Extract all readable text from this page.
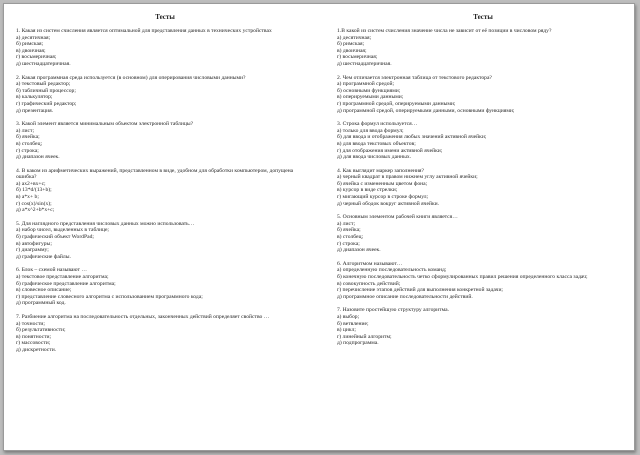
Тесты
1. Какая из систем счисления является оптимальной для представления данных в технических устройствах
а) десятичная;
б) римская;
в) двоичная;
г) восьмеричная;
д) шестнадцатеричная.
2. Какая программная среда используется (в основном) для оперирования числовыми данными?
а) текстовый редактор;
б) табличный процессор;
в) калькулятор;
г) графический редактор;
д) презентация.
3. Какой элемент является минимальным объектом электронной таблицы?
а) лист;
б) ячейка;
в) столбец;
г) строка;
д) диапазон ячеек.
4. В каком из арифметических выражений, представленном в виде, удобном для обработки компьютером, допущена ошибка?
а) ах2+вх+с;
б) 13*d/(13+b);
в) а*х+ b;
г) cos(x)/sin(x);
д) a*x^2+b*x+c;
5. Для наглядного представления числовых данных можно использовать…
а) набор чисел, выделенных в таблице;
б) графический объект WordPad;
в) автофигуры;
г) диаграмму;
д) графические файлы.
6. Блок – схемой называют …
а) текстовое представление алгоритма;
б) графическое представление алгоритма;
в) словесное описание;
г) представление словесного алгоритма с использованием программного кода;
д) программный код.
7. Разбиение алгоритма на последовательность отдельных, законченных действий определяет свойство …
а) точности;
б) результативности;
в) понятности;
г) массовости;
д) дискретности.
Тесты
1.В какой из систем счисления значение числа не зависит от её позиции в числовом ряду?
а) десятичная;
б) римская;
в) двоичная;
г) восьмеричная;
д) шестнадцатеричная.
2. Чем отличается электронная таблица от текстового редактора?
а) программной средой;
б) основными функциями;
в) оперируемыми данными;
г) программной средой, оперируемыми данными;
д) программной средой, оперируемыми данными, основными функциями;
3. Строка формул используется…
а) только для ввода формул;
б) для ввода и отображения любых значений активной ячейки;
в) для ввода текстовых объектов;
г) для отображения имени активной ячейки;
д) для ввода числовых данных.
4. Как выглядит маркер заполнения?
а) черный квадрат в правом нижнем углу активной ячейки;
б) ячейка с измененным цветом фона;
в) курсор в виде стрелки;
г) мигающий курсор в строке формул;
д) черный ободок вокруг активной ячейки.
5. Основным элементом рабочей книги является…
а) лист;
б) ячейка;
в) столбец;
г) строка;
д) диапазон ячеек.
6. Алгоритмом называют…
а) определенную последовательность команд;
б) конечную последовательность четко сформулированных правил решения определенного класса задач;
в) совокупность действий;
г) перечисление этапов действий для выполнения конкретной задачи;
д) программное описание последовательности действий.
7. Назовите простейшую структуру алгоритма.
а) выбор;
б) ветвление;
в) цикл;
г) линейный алгоритм;
д) подпрограмма.
